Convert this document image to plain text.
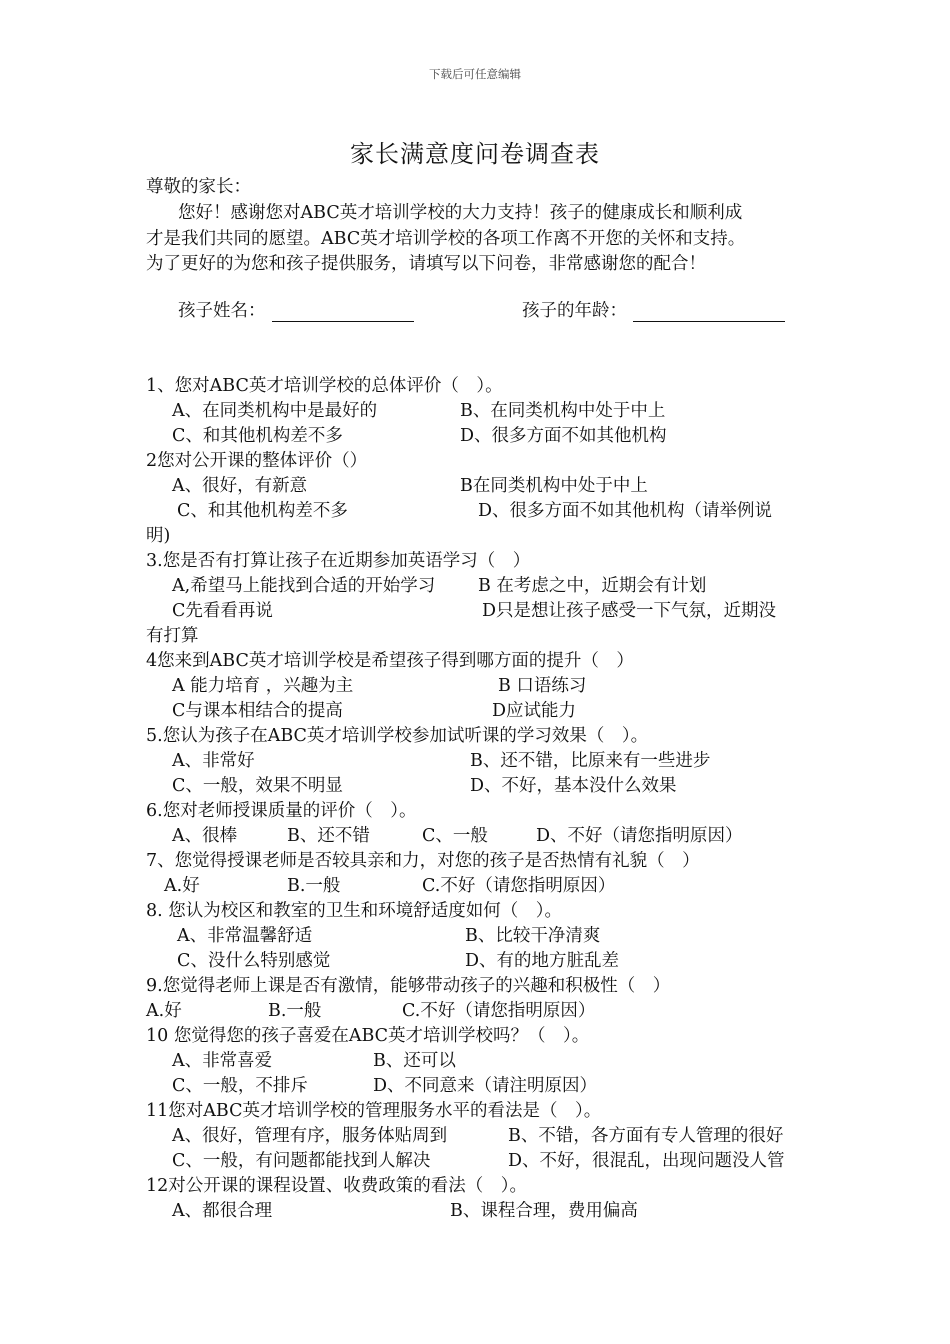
下载后可任意编辑
家长满意度问卷调查表
尊敬的家长：
您好！感谢您对ABC英才培训学校的大力支持！孩子的健康成长和顺利成
才是我们共同的愿望。ABC英才培训学校的各项工作离不开您的关怀和支持。
为了更好的为您和孩子提供服务，请填写以下问卷，非常感谢您的配合！
孩子姓名：	孩子的年龄：
1、您对ABC英才培训学校的总体评价（　）。
A、在同类机构中是最好的	B、在同类机构中处于中上
C、和其他机构差不多	D、很多方面不如其他机构
2您对公开课的整体评价（）
A、很好，有新意	B在同类机构中处于中上
C、和其他机构差不多	D、很多方面不如其他机构（请举例说
明)
3.您是否有打算让孩子在近期参加英语学习（　）
A,希望马上能找到合适的开始学习 B 在考虑之中，近期会有计划
C先看看再说	D只是想让孩子感受一下气氛，近期没
有打算
4您来到ABC英才培训学校是希望孩子得到哪方面的提升（　）
A 能力培育 ，兴趣为主	B 口语练习
C与课本相结合的提高	D应试能力
5.您认为孩子在ABC英才培训学校参加试听课的学习效果（　）。
A、非常好	B、还不错，比原来有一些进步
C、一般，效果不明显	D、不好，基本没什么效果
6.您对老师授课质量的评价（　）。
A、很棒	B、还不错	C、一般	D、不好（请您指明原因）
7、您觉得授课老师是否较具亲和力，对您的孩子是否热情有礼貌（　）
A.好	B.一般	C.不好（请您指明原因）
8. 您认为校区和教室的卫生和环境舒适度如何（　）。
A、非常温馨舒适	B、比较干净清爽
C、没什么特别感觉	D、有的地方脏乱差
9.您觉得老师上课是否有激情，能够带动孩子的兴趣和积极性（　）
A.好	B.一般	C.不好（请您指明原因）
10 您觉得您的孩子喜爱在ABC英才培训学校吗？（　）。
A、非常喜爱	B、还可以
C、一般，不排斥	D、不同意来（请注明原因）
11您对ABC英才培训学校的管理服务水平的看法是（　）。
A、很好，管理有序，服务体贴周到	B、不错，各方面有专人管理的很好
C、一般，有问题都能找到人解决	D、不好，很混乱，出现问题没人管
12对公开课的课程设置、收费政策的看法（　）。
A、都很合理	B、课程合理，费用偏高
